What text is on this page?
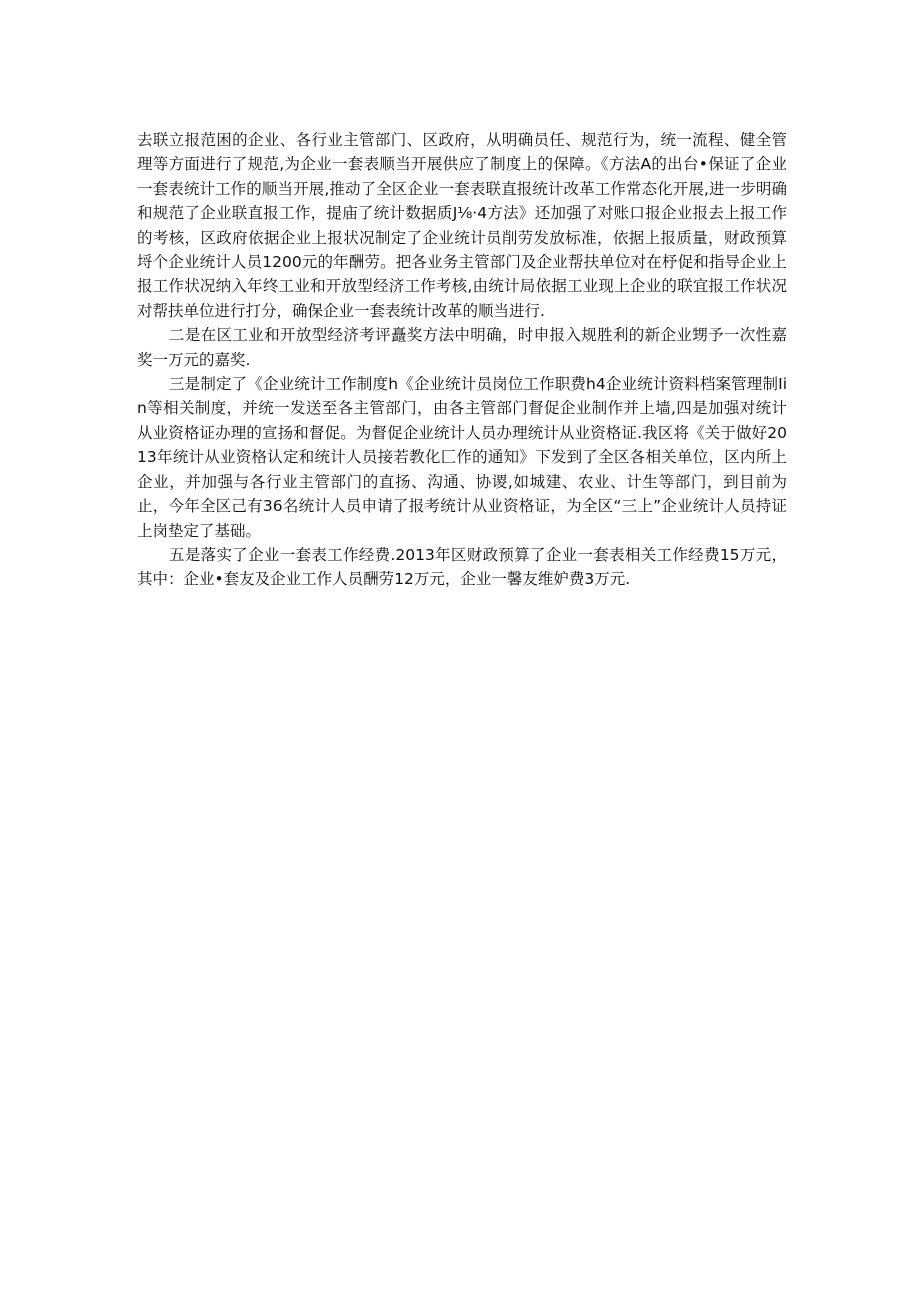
去联立报范困的企业、各行业主管部门、区政府，从明确员任、规范行为，统一流程、健全管理等方面进行了规范,为企业一套表顺当开展供应了制度上的保障。《方法A的出台•保证了企业一套表统计工作的顺当开展,推动了全区企业一套表联直报统计改革工作常态化开展,进一步明确和规范了企业联直报工作，提庙了统计数据质J⅛·4方法》还加强了对账口报企业报去上报工作的考核，区政府依据企业上报状况制定了企业统计员削劳发放标准，依据上报质量，财政预算埒个企业统计人员1200元的年酬劳。把各业务主管部门及企业帮扶单位对在杼促和指导企业上报工作状况纳入年终工业和开放型经济工作考核,由统计局依据工业现上企业的联宜报工作状况对帮扶单位进行打分，确保企业一套表统计改革的顺当进行.

二是在区工业和开放型经济考评矗奖方法中明确，时申报入规胜利的新企业甥予一次性嘉奖一万元的嘉奖.

三是制定了《企业统计工作制度h《企业统计员岗位工作职费h4企业统计资料档案管理制Iin等相关制度，并统一发送至各主管部门，由各主管部门督促企业制作并上墙,四是加强对统计从业资格证办理的宣扬和督促。为督促企业统计人员办理统计从业资格证.我区将《关于做好2013年统计从业资格认定和统计人员接若教化匚作的通知》下发到了全区各相关单位，区内所上企业，并加强与各行业主管部门的直扬、沟通、协谡,如城建、农业、计生等部门，到目前为止，今年全区己有36名统计人员申请了报考统计从业资格证，为全区“三上”企业统计人员持证上岗垫定了基础。

五是落实了企业一套表工作经费.2013年区财政预算了企业一套表相关工作经费15万元，其中：企业•套友及企业工作人员酬劳12万元，企业一馨友维妒费3万元.
